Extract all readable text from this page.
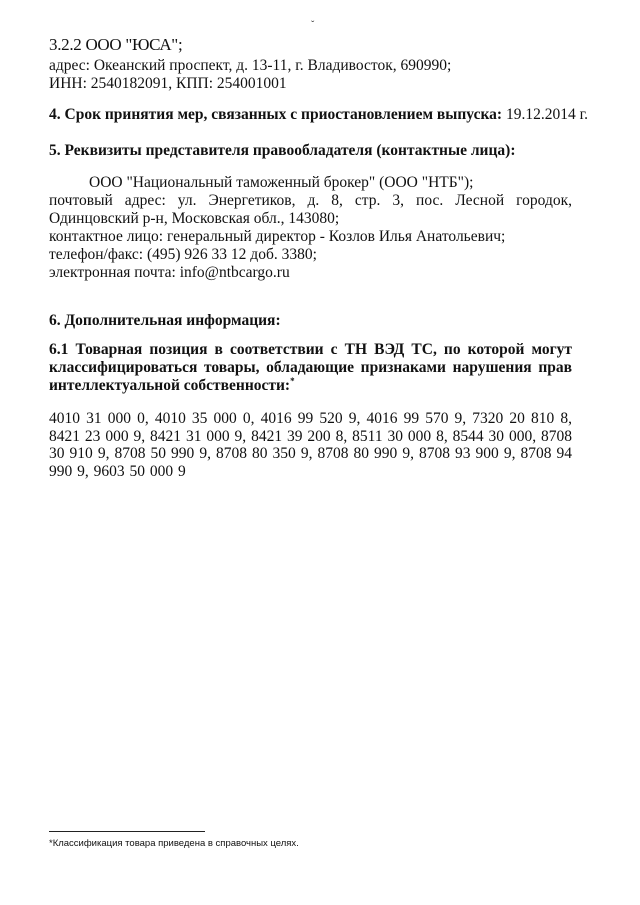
ˇ
3.2.2 ООО "ЮСА";
адрес: Океанский проспект, д. 13-11, г. Владивосток, 690990;
ИНН: 2540182091, КПП: 254001001
4. Срок принятия мер, связанных с приостановлением выпуска: 19.12.2014 г.
5. Реквизиты представителя правообладателя (контактные лица):
ООО "Национальный таможенный брокер" (ООО "НТБ");
почтовый адрес: ул. Энергетиков, д. 8, стр. 3, пос. Лесной городок, Одинцовский р-н, Московская обл., 143080;
контактное лицо: генеральный директор - Козлов Илья Анатольевич;
телефон/факс: (495) 926 33 12 доб. 3380;
электронная почта: info@ntbcargo.ru
6. Дополнительная информация:
6.1 Товарная позиция в соответствии с ТН ВЭД ТС, по которой могут классифицироваться товары, обладающие признаками нарушения прав интеллектуальной собственности:*
4010 31 000 0, 4010 35 000 0, 4016 99 520 9, 4016 99 570 9, 7320 20 810 8, 8421 23 000 9, 8421 31 000 9, 8421 39 200 8, 8511 30 000 8, 8544 30 000, 8708 30 910 9, 8708 50 990 9, 8708 80 350 9, 8708 80 990 9, 8708 93 900 9, 8708 94 990 9, 9603 50 000 9
*Классификация товара приведена в справочных целях.
